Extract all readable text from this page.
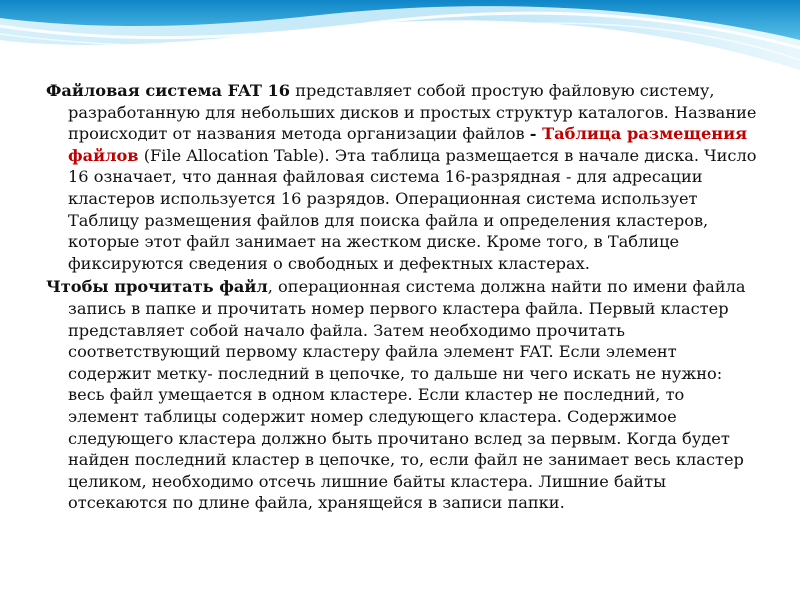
Файловая система FAT 16 представляет собой простую файловую систему, разработанную для небольших дисков и простых структур каталогов. Название происходит от названия метода организации файлов - Таблица размещения файлов (File Allocation Table). Эта таблица размещается в начале диска. Число 16 означает, что данная файловая система 16-разрядная - для адресации кластеров используется 16 разрядов. Операционная система использует Таблицу размещения файлов для поиска файла и определения кластеров, которые этот файл занимает на жестком диске. Кроме того, в Таблице фиксируются сведения о свободных и дефектных кластерах.

Чтобы прочитать файл, операционная система должна найти по имени файла запись в папке и прочитать номер первого кластера файла. Первый кластер представляет собой начало файла. Затем необходимо прочитать соответствующий первому кластеру файла элемент FAT. Если элемент содержит метку- последний в цепочке, то дальше ни чего искать не нужно: весь файл умещается в одном кластере. Если кластер не последний, то элемент таблицы содержит номер следующего кластера. Содержимое следующего кластера должно быть прочитано вслед за первым. Когда будет найден последний кластер в цепочке, то, если файл не занимает весь кластер целиком, необходимо отсечь лишние байты кластера. Лишние байты отсекаются по длине файла, хранящейся в записи папки.
